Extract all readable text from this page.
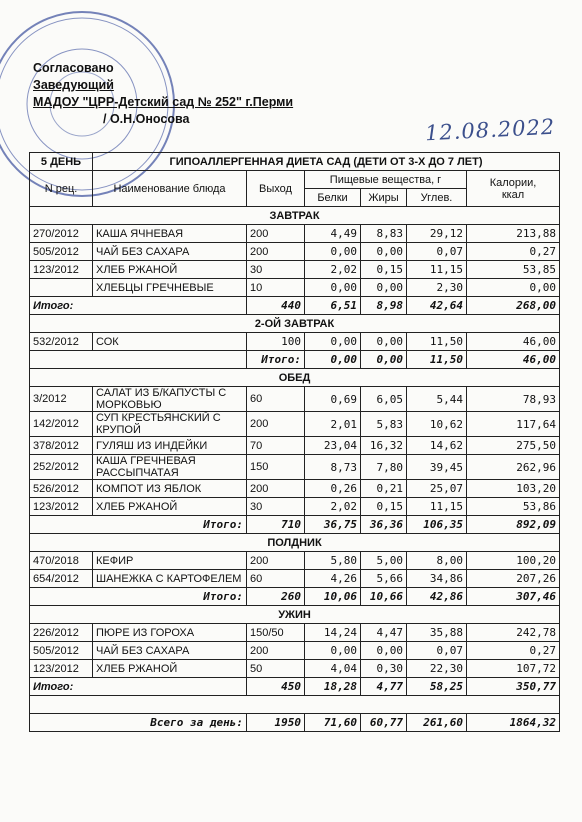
Согласовано
Заведующий
МАДОУ "ЦРР-Детский сад № 252" г.Перми
/ О.Н.Оносова	12.08.2022
5 ДЕНЬ	ГИПОАЛЛЕРГЕННАЯ ДИЕТА САД (ДЕТИ ОТ 3-Х ДО 7 ЛЕТ)					
N рец.	Наименование блюда	Выход	Пищевые вещества, г			Калории,
ккал
			Белки	Жиры	Углев.	
ЗАВТРАК						
270/2012	КАША ЯЧНЕВАЯ	200	4,49	8,83	29,12	213,88
505/2012	ЧАЙ БЕЗ САХАРА	200	0,00	0,00	0,07	0,27
123/2012	ХЛЕБ РЖАНОЙ	30	2,02	0,15	11,15	53,85
	ХЛЕБЦЫ ГРЕЧНЕВЫЕ	10	0,00	0,00	2,30	0,00
Итого:		440	6,51	8,98	42,64	268,00
2-ОЙ ЗАВТРАК						
532/2012	СОК	100	0,00	0,00	11,50	46,00
		Итого:	0,00	0,00	11,50	46,00
ОБЕД						
3/2012	САЛАТ ИЗ Б/КАПУСТЫ С МОРКОВЬЮ	60	0,69	6,05	5,44	78,93
142/2012	СУП КРЕСТЬЯНСКИЙ С КРУПОЙ	200	2,01	5,83	10,62	117,64
378/2012	ГУЛЯШ ИЗ ИНДЕЙКИ	70	23,04	16,32	14,62	275,50
252/2012	КАША ГРЕЧНЕВАЯ РАССЫПЧАТАЯ	150	8,73	7,80	39,45	262,96
526/2012	КОМПОТ ИЗ ЯБЛОК	200	0,26	0,21	25,07	103,20
123/2012	ХЛЕБ РЖАНОЙ	30	2,02	0,15	11,15	53,86
Итого:		710	36,75	36,36	106,35	892,09
ПОЛДНИК						
470/2018	КЕФИР	200	5,80	5,00	8,00	100,20
654/2012	ШАНЕЖКА С КАРТОФЕЛЕМ	60	4,26	5,66	34,86	207,26
Итого:		260	10,06	10,66	42,86	307,46
УЖИН						
226/2012	ПЮРЕ ИЗ ГОРОХА	150/50	14,24	4,47	35,88	242,78
505/2012	ЧАЙ БЕЗ САХАРА	200	0,00	0,00	0,07	0,27
123/2012	ХЛЕБ РЖАНОЙ	50	4,04	0,30	22,30	107,72
Итого:		450	18,28	4,77	58,25	350,77

Всего за день:		1950	71,60	60,77	261,60	1864,32
